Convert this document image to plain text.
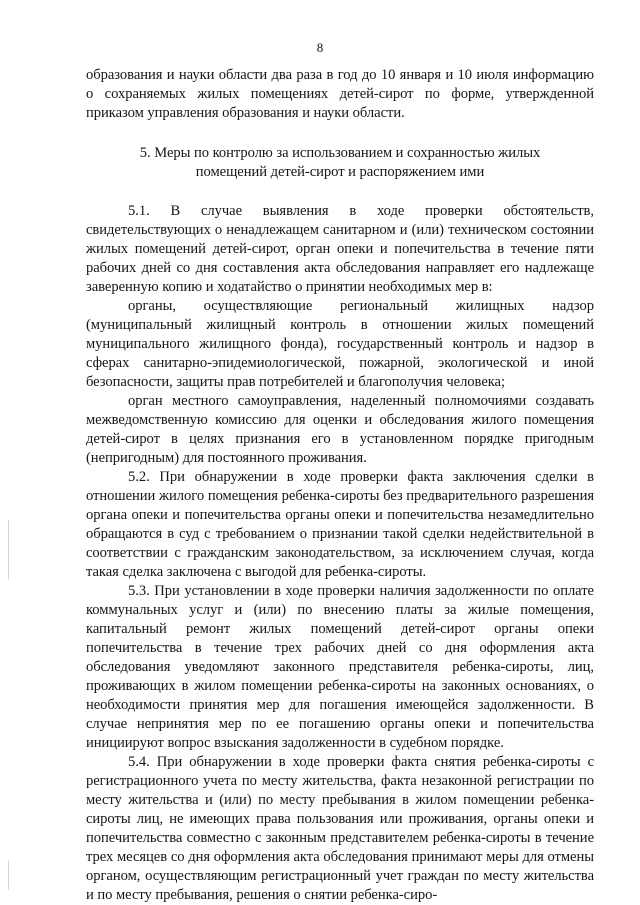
8

образования и науки области два раза в год до 10 января и 10 июля информацию о сохраняемых жилых помещениях детей-сирот по форме, утвержденной приказом управления образования и науки области.

5. Меры по контролю за использованием и сохранностью жилых
помещений детей-сирот и распоряжением ими

5.1. В случае выявления в ходе проверки обстоятельств, свидетельствующих о ненадлежащем санитарном и (или) техническом состоянии жилых помещений детей-сирот, орган опеки и попечительства в течение пяти рабочих дней со дня составления акта обследования направляет его надлежаще заверенную копию и ходатайство о принятии необходимых мер в:

органы, осуществляющие региональный жилищных надзор (муниципальный жилищный контроль в отношении жилых помещений муниципального жилищного фонда), государственный контроль и надзор в сферах санитарно-эпидемиологической, пожарной, экологической и иной безопасности, защиты прав потребителей и благополучия человека;

орган местного самоуправления, наделенный полномочиями создавать межведомственную комиссию для оценки и обследования жилого помещения детей-сирот в целях признания его в установленном порядке пригодным (непригодным) для постоянного проживания.

5.2. При обнаружении в ходе проверки факта заключения сделки в отношении жилого помещения ребенка-сироты без предварительного разрешения органа опеки и попечительства органы опеки и попечительства незамедлительно обращаются в суд с требованием о признании такой сделки недействительной в соответствии с гражданским законодательством, за исключением случая, когда такая сделка заключена с выгодой для ребенка-сироты.

5.3. При установлении в ходе проверки наличия задолженности по оплате коммунальных услуг и (или) по внесению платы за жилые помещения, капитальный ремонт жилых помещений детей-сирот органы опеки попечительства в течение трех рабочих дней со дня оформления акта обследования уведомляют законного представителя ребенка-сироты, лиц, проживающих в жилом помещении ребенка-сироты на законных основаниях, о необходимости принятия мер для погашения имеющейся задолженности. В случае непринятия мер по ее погашению органы опеки и попечительства инициируют вопрос взыскания задолженности в судебном порядке.

5.4. При обнаружении в ходе проверки факта снятия ребенка-сироты с регистрационного учета по месту жительства, факта незаконной регистрации по месту жительства и (или) по месту пребывания в жилом помещении ребенка-сироты лиц, не имеющих права пользования или проживания, органы опеки и попечительства совместно с законным представителем ребенка-сироты в течение трех месяцев со дня оформления акта обследования принимают меры для отмены органом, осуществляющим регистрационный учет граждан по месту жительства и по месту пребывания, решения о снятии ребенка-сиро-
